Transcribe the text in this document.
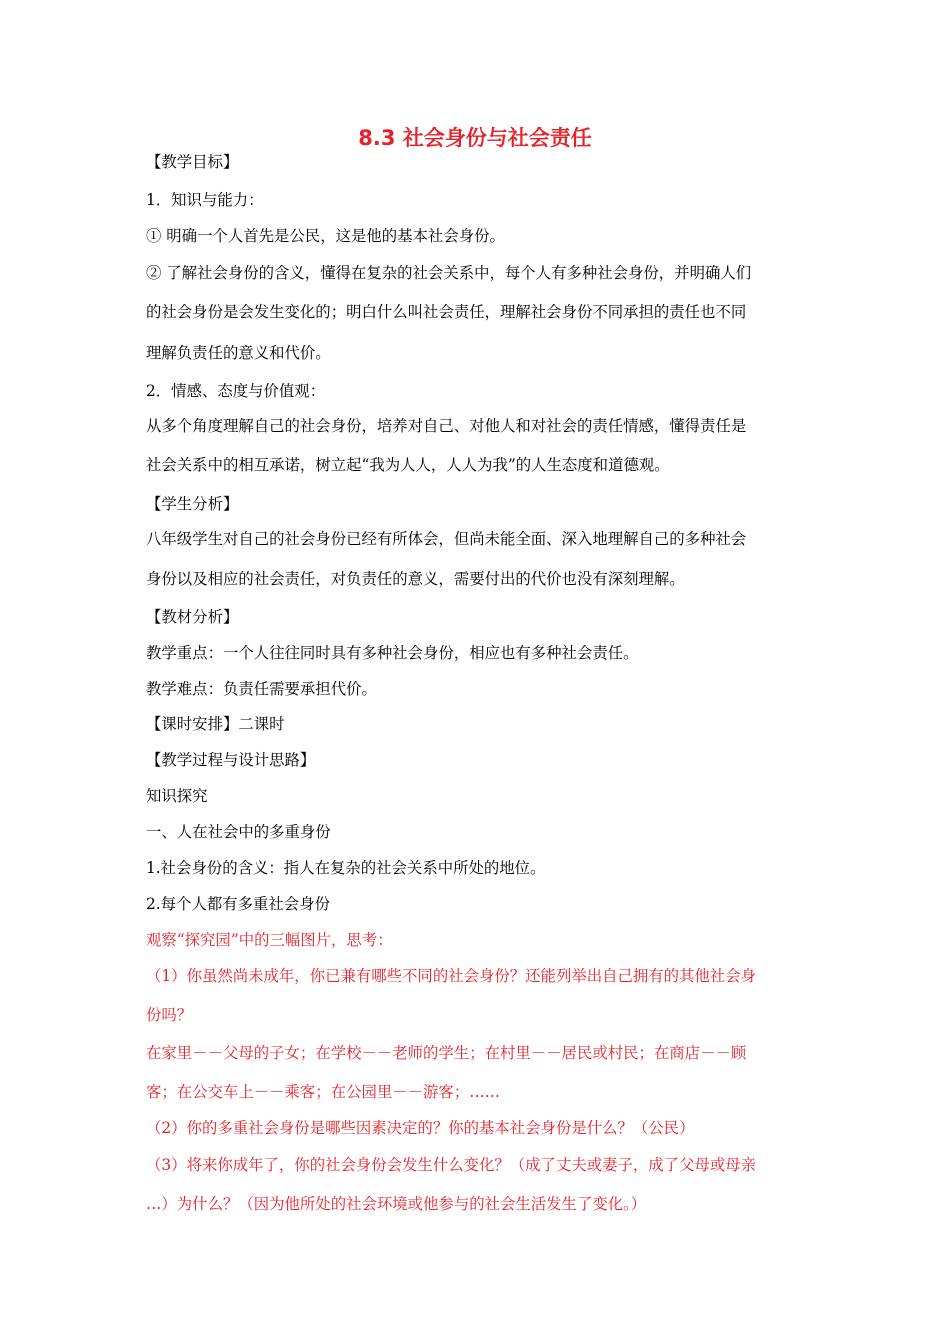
8.3 社会身份与社会责任
【教学目标】
1．知识与能力：
① 明确一个人首先是公民，这是他的基本社会身份。
② 了解社会身份的含义，懂得在复杂的社会关系中，每个人有多种社会身份，并明确人们
的社会身份是会发生变化的；明白什么叫社会责任，理解社会身份不同承担的责任也不同
理解负责任的意义和代价。
2．情感、态度与价值观：
从多个角度理解自己的社会身份，培养对自己、对他人和对社会的责任情感，懂得责任是
社会关系中的相互承诺，树立起“我为人人，人人为我”的人生态度和道德观。
【学生分析】
八年级学生对自己的社会身份已经有所体会，但尚未能全面、深入地理解自己的多种社会
身份以及相应的社会责任，对负责任的意义，需要付出的代价也没有深刻理解。
【教材分析】
教学重点：一个人往往同时具有多种社会身份，相应也有多种社会责任。
教学难点：负责任需要承担代价。
【课时安排】二课时
【教学过程与设计思路】
知识探究
一、人在社会中的多重身份
1.社会身份的含义：指人在复杂的社会关系中所处的地位。
2.每个人都有多重社会身份
观察“探究园”中的三幅图片，思考：
（1）你虽然尚未成年，你已兼有哪些不同的社会身份？还能列举出自己拥有的其他社会身
份吗？
在家里－－父母的子女；在学校－－老师的学生；在村里－－居民或村民；在商店－－顾
客；在公交车上－－乘客；在公园里－－游客；……
（2）你的多重社会身份是哪些因素决定的？你的基本社会身份是什么？（公民）
（3）将来你成年了，你的社会身份会发生什么变化？（成了丈夫或妻子，成了父母或母亲
…）为什么？（因为他所处的社会环境或他参与的社会生活发生了变化。）
